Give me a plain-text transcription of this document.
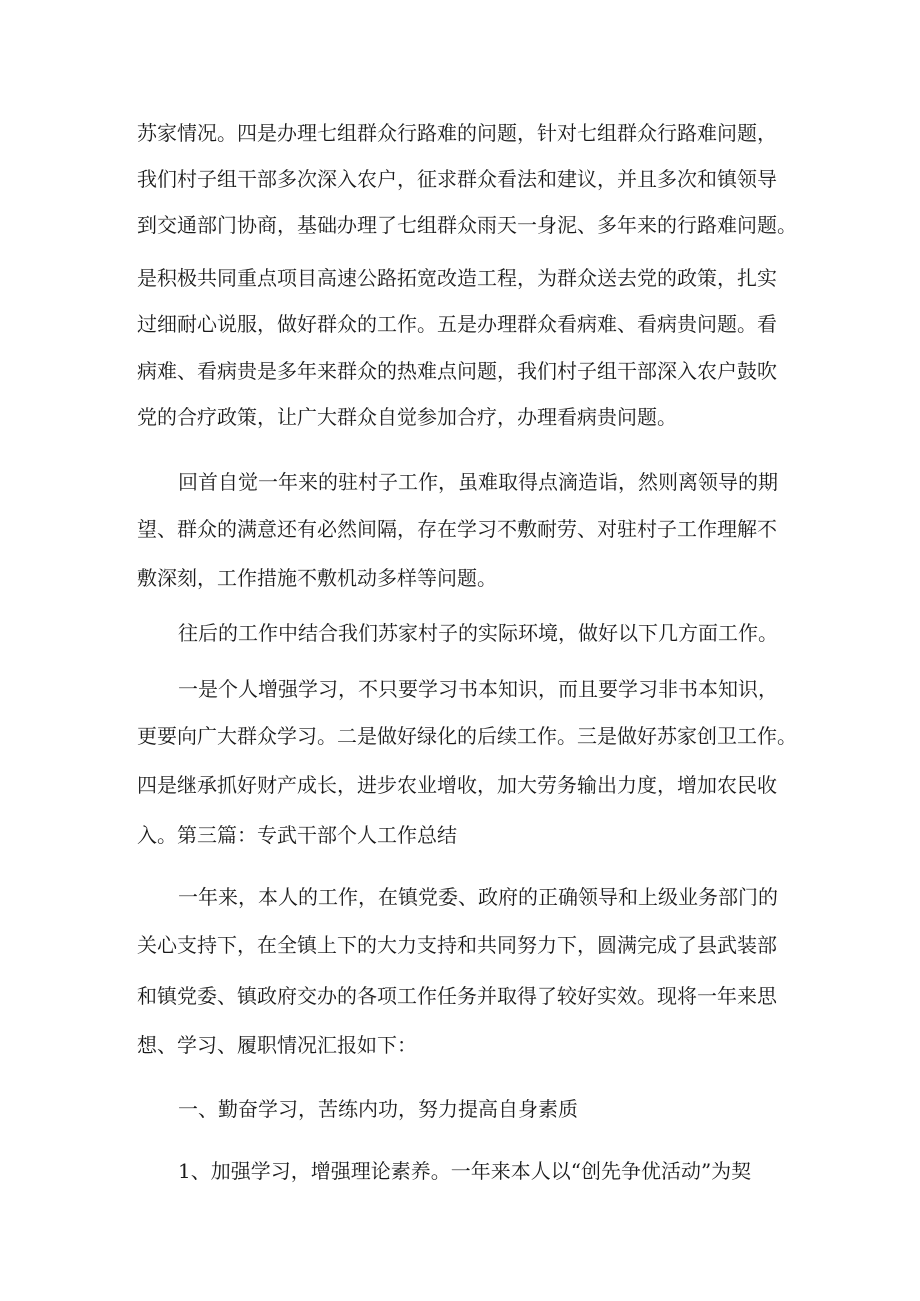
苏家情况。四是办理七组群众行路难的问题，针对七组群众行路难问题，
我们村子组干部多次深入农户，征求群众看法和建议，并且多次和镇领导
到交通部门协商，基础办理了七组群众雨天一身泥、多年来的行路难问题。
是积极共同重点项目高速公路拓宽改造工程，为群众送去党的政策，扎实
过细耐心说服，做好群众的工作。五是办理群众看病难、看病贵问题。看
病难、看病贵是多年来群众的热难点问题，我们村子组干部深入农户鼓吹
党的合疗政策，让广大群众自觉参加合疗，办理看病贵问题。
回首自觉一年来的驻村子工作，虽难取得点滴造诣，然则离领导的期
望、群众的满意还有必然间隔，存在学习不敷耐劳、对驻村子工作理解不
敷深刻，工作措施不敷机动多样等问题。
往后的工作中结合我们苏家村子的实际环境，做好以下几方面工作。
一是个人增强学习，不只要学习书本知识，而且要学习非书本知识，
更要向广大群众学习。二是做好绿化的后续工作。三是做好苏家创卫工作。
四是继承抓好财产成长，进步农业增收，加大劳务输出力度，增加农民收
入。第三篇：专武干部个人工作总结
一年来，本人的工作，在镇党委、政府的正确领导和上级业务部门的
关心支持下，在全镇上下的大力支持和共同努力下，圆满完成了县武装部
和镇党委、镇政府交办的各项工作任务并取得了较好实效。现将一年来思
想、学习、履职情况汇报如下：
一、勤奋学习，苦练内功，努力提高自身素质
1、加强学习，增强理论素养。一年来本人以“创先争优活动”为契
